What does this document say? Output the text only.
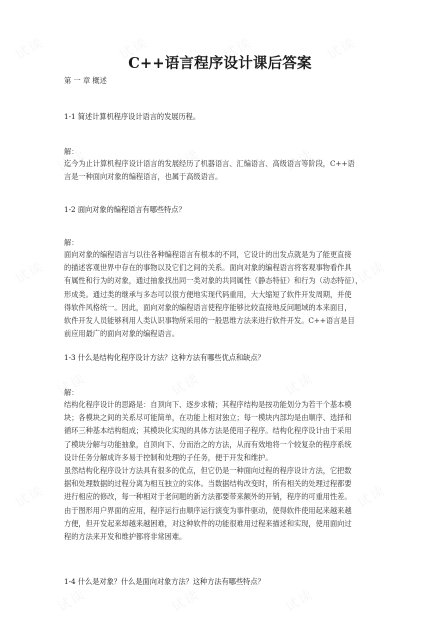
C++语言程序设计课后答案
第 一 章 概述
1-1 简述计算机程序设计语言的发展历程。
解：
迄今为止计算机程序设计语言的发展经历了机器语言、汇编语言、高级语言等阶段，C++语
言是一种面向对象的编程语言，也属于高级语言。
1-2 面向对象的编程语言有哪些特点？
解：
面向对象的编程语言与以往各种编程语言有根本的不同，它设计的出发点就是为了能更直接
的描述客观世界中存在的事物以及它们之间的关系。面向对象的编程语言将客观事物看作具
有属性和行为的对象，通过抽象找出同一类对象的共同属性（静态特征）和行为（动态特征），
形成类。通过类的继承与多态可以很方便地实现代码重用，大大缩短了软件开发周期，并使
得软件风格统一。因此，面向对象的编程语言使程序能够比较直接地反问题域的本来面目，
软件开发人员能够利用人类认识事物所采用的一般思维方法来进行软件开发。C++语言是目
前应用最广的面向对象的编程语言。
1-3 什么是结构化程序设计方法？这种方法有哪些优点和缺点？
解：
结构化程序设计的思路是：自顶向下、逐步求精；其程序结构是按功能划分为若干个基本模
块；各模块之间的关系尽可能简单，在功能上相对独立；每一模块内部均是由顺序、选择和
循环三种基本结构组成；其模块化实现的具体方法是使用子程序。结构化程序设计由于采用
了模块分解与功能抽象，自顶向下、分而治之的方法，从而有效地将一个较复杂的程序系统
设计任务分解成许多易于控制和处理的子任务，便于开发和维护。
虽然结构化程序设计方法具有很多的优点，但它仍是一种面向过程的程序设计方法，它把数
据和处理数据的过程分离为相互独立的实体。当数据结构改变时，所有相关的处理过程都要
进行相应的修改，每一种相对于老问题的新方法都要带来额外的开销，程序的可重用性差。
由于图形用户界面的应用，程序运行由顺序运行演变为事件驱动，使得软件使用起来越来越
方便，但开发起来却越来越困难，对这种软件的功能很难用过程来描述和实现，使用面向过
程的方法来开发和维护都将非常困难。
1-4 什么是对象？什么是面向对象方法？这种方法有哪些特点？
